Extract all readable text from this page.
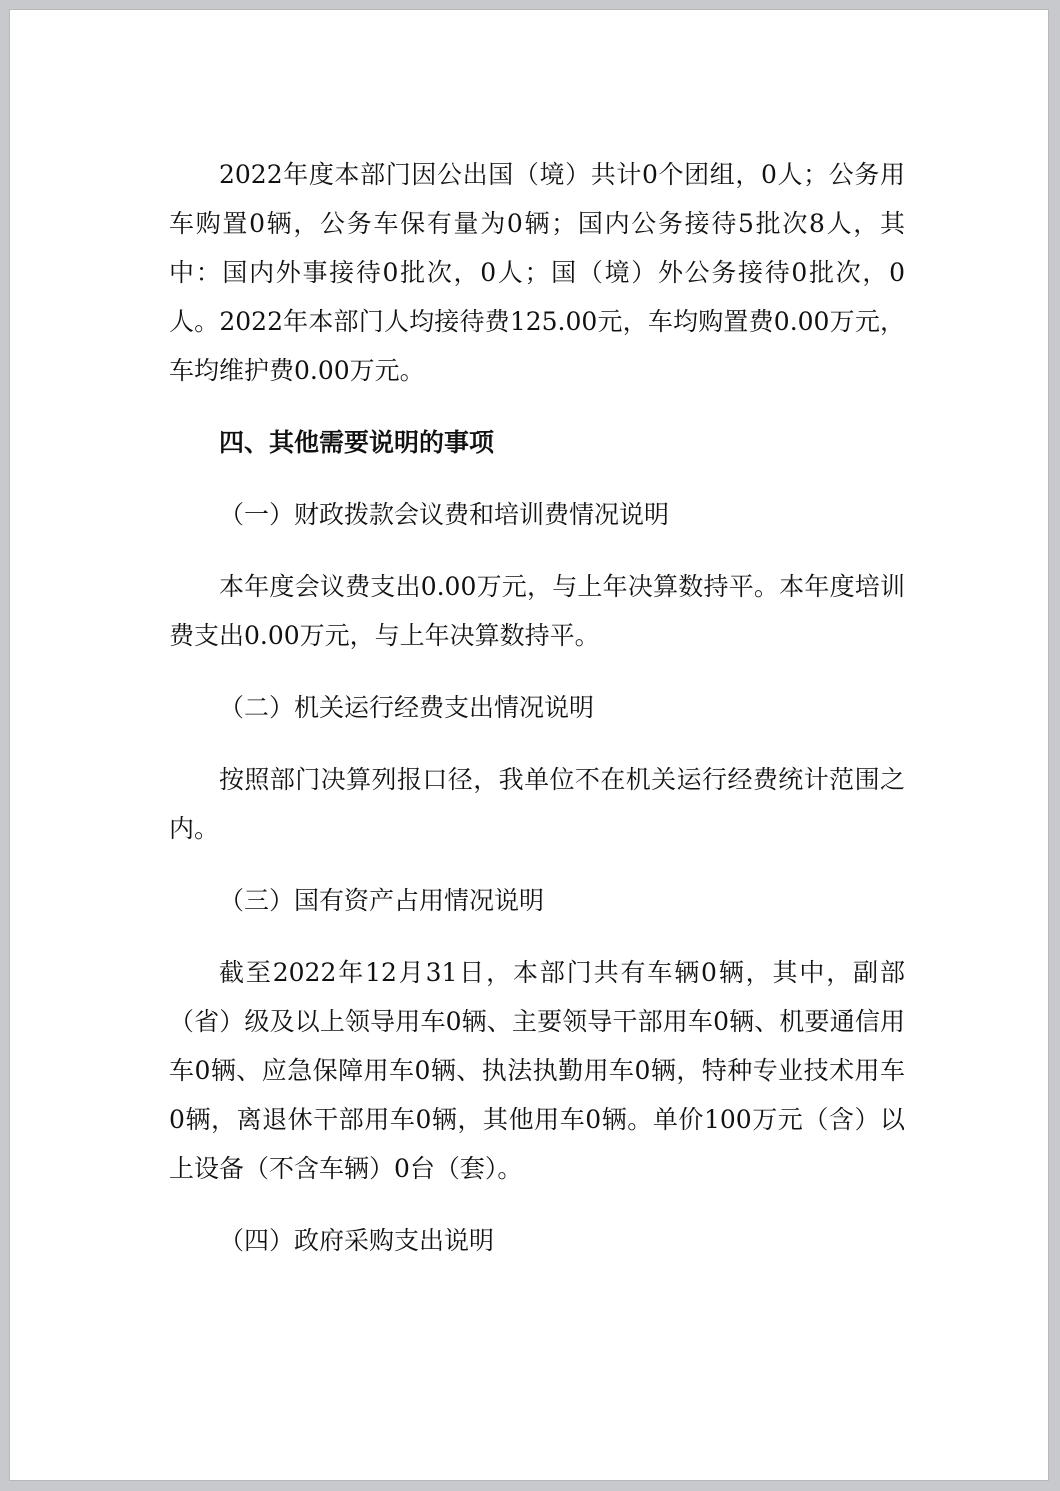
2022年度本部门因公出国（境）共计0个团组，0人；公务用车购置0辆，公务车保有量为0辆；国内公务接待5批次8人，其中：国内外事接待0批次，0人；国（境）外公务接待0批次，0人。2022年本部门人均接待费125.00元，车均购置费0.00万元，车均维护费0.00万元。

四、其他需要说明的事项

（一）财政拨款会议费和培训费情况说明

本年度会议费支出0.00万元，与上年决算数持平。本年度培训费支出0.00万元，与上年决算数持平。

（二）机关运行经费支出情况说明

按照部门决算列报口径，我单位不在机关运行经费统计范围之内。

（三）国有资产占用情况说明

截至2022年12月31日，本部门共有车辆0辆，其中，副部（省）级及以上领导用车0辆、主要领导干部用车0辆、机要通信用车0辆、应急保障用车0辆、执法执勤用车0辆，特种专业技术用车0辆，离退休干部用车0辆，其他用车0辆。单价100万元（含）以上设备（不含车辆）0台（套）。

（四）政府采购支出说明
